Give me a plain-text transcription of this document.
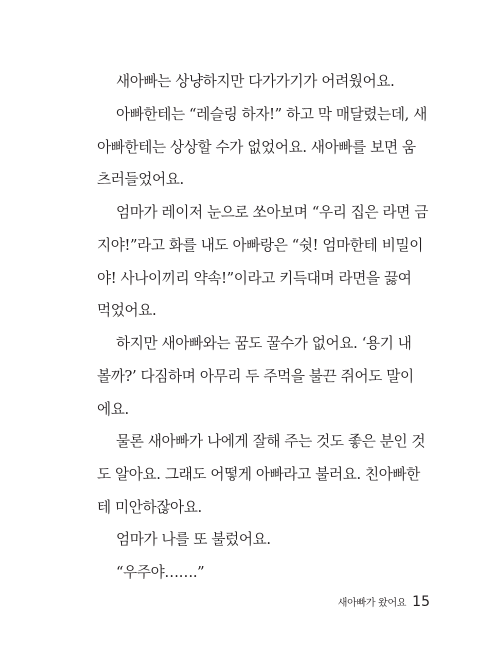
새아빠는 상냥하지만 다가가기가 어려웠어요.
아빠한테는 “레슬링 하자!” 하고 막 매달렸는데, 새
아빠한테는 상상할 수가 없었어요. 새아빠를 보면 움
츠러들었어요.
엄마가 레이저 눈으로 쏘아보며 “우리 집은 라면 금
지야!”라고 화를 내도 아빠랑은 “쉿! 엄마한테 비밀이
야! 사나이끼리 약속!”이라고 키득대며 라면을 끓여
먹었어요.
하지만 새아빠와는 꿈도 꿀수가 없어요. ‘용기 내
볼까?’ 다짐하며 아무리 두 주먹을 불끈 쥐어도 말이
에요.
물론 새아빠가 나에게 잘해 주는 것도 좋은 분인 것
도 알아요. 그래도 어떻게 아빠라고 불러요. 친아빠한
테 미안하잖아요.
엄마가 나를 또 불렀어요.
“우주야…….”
새아빠가 왔어요 15
